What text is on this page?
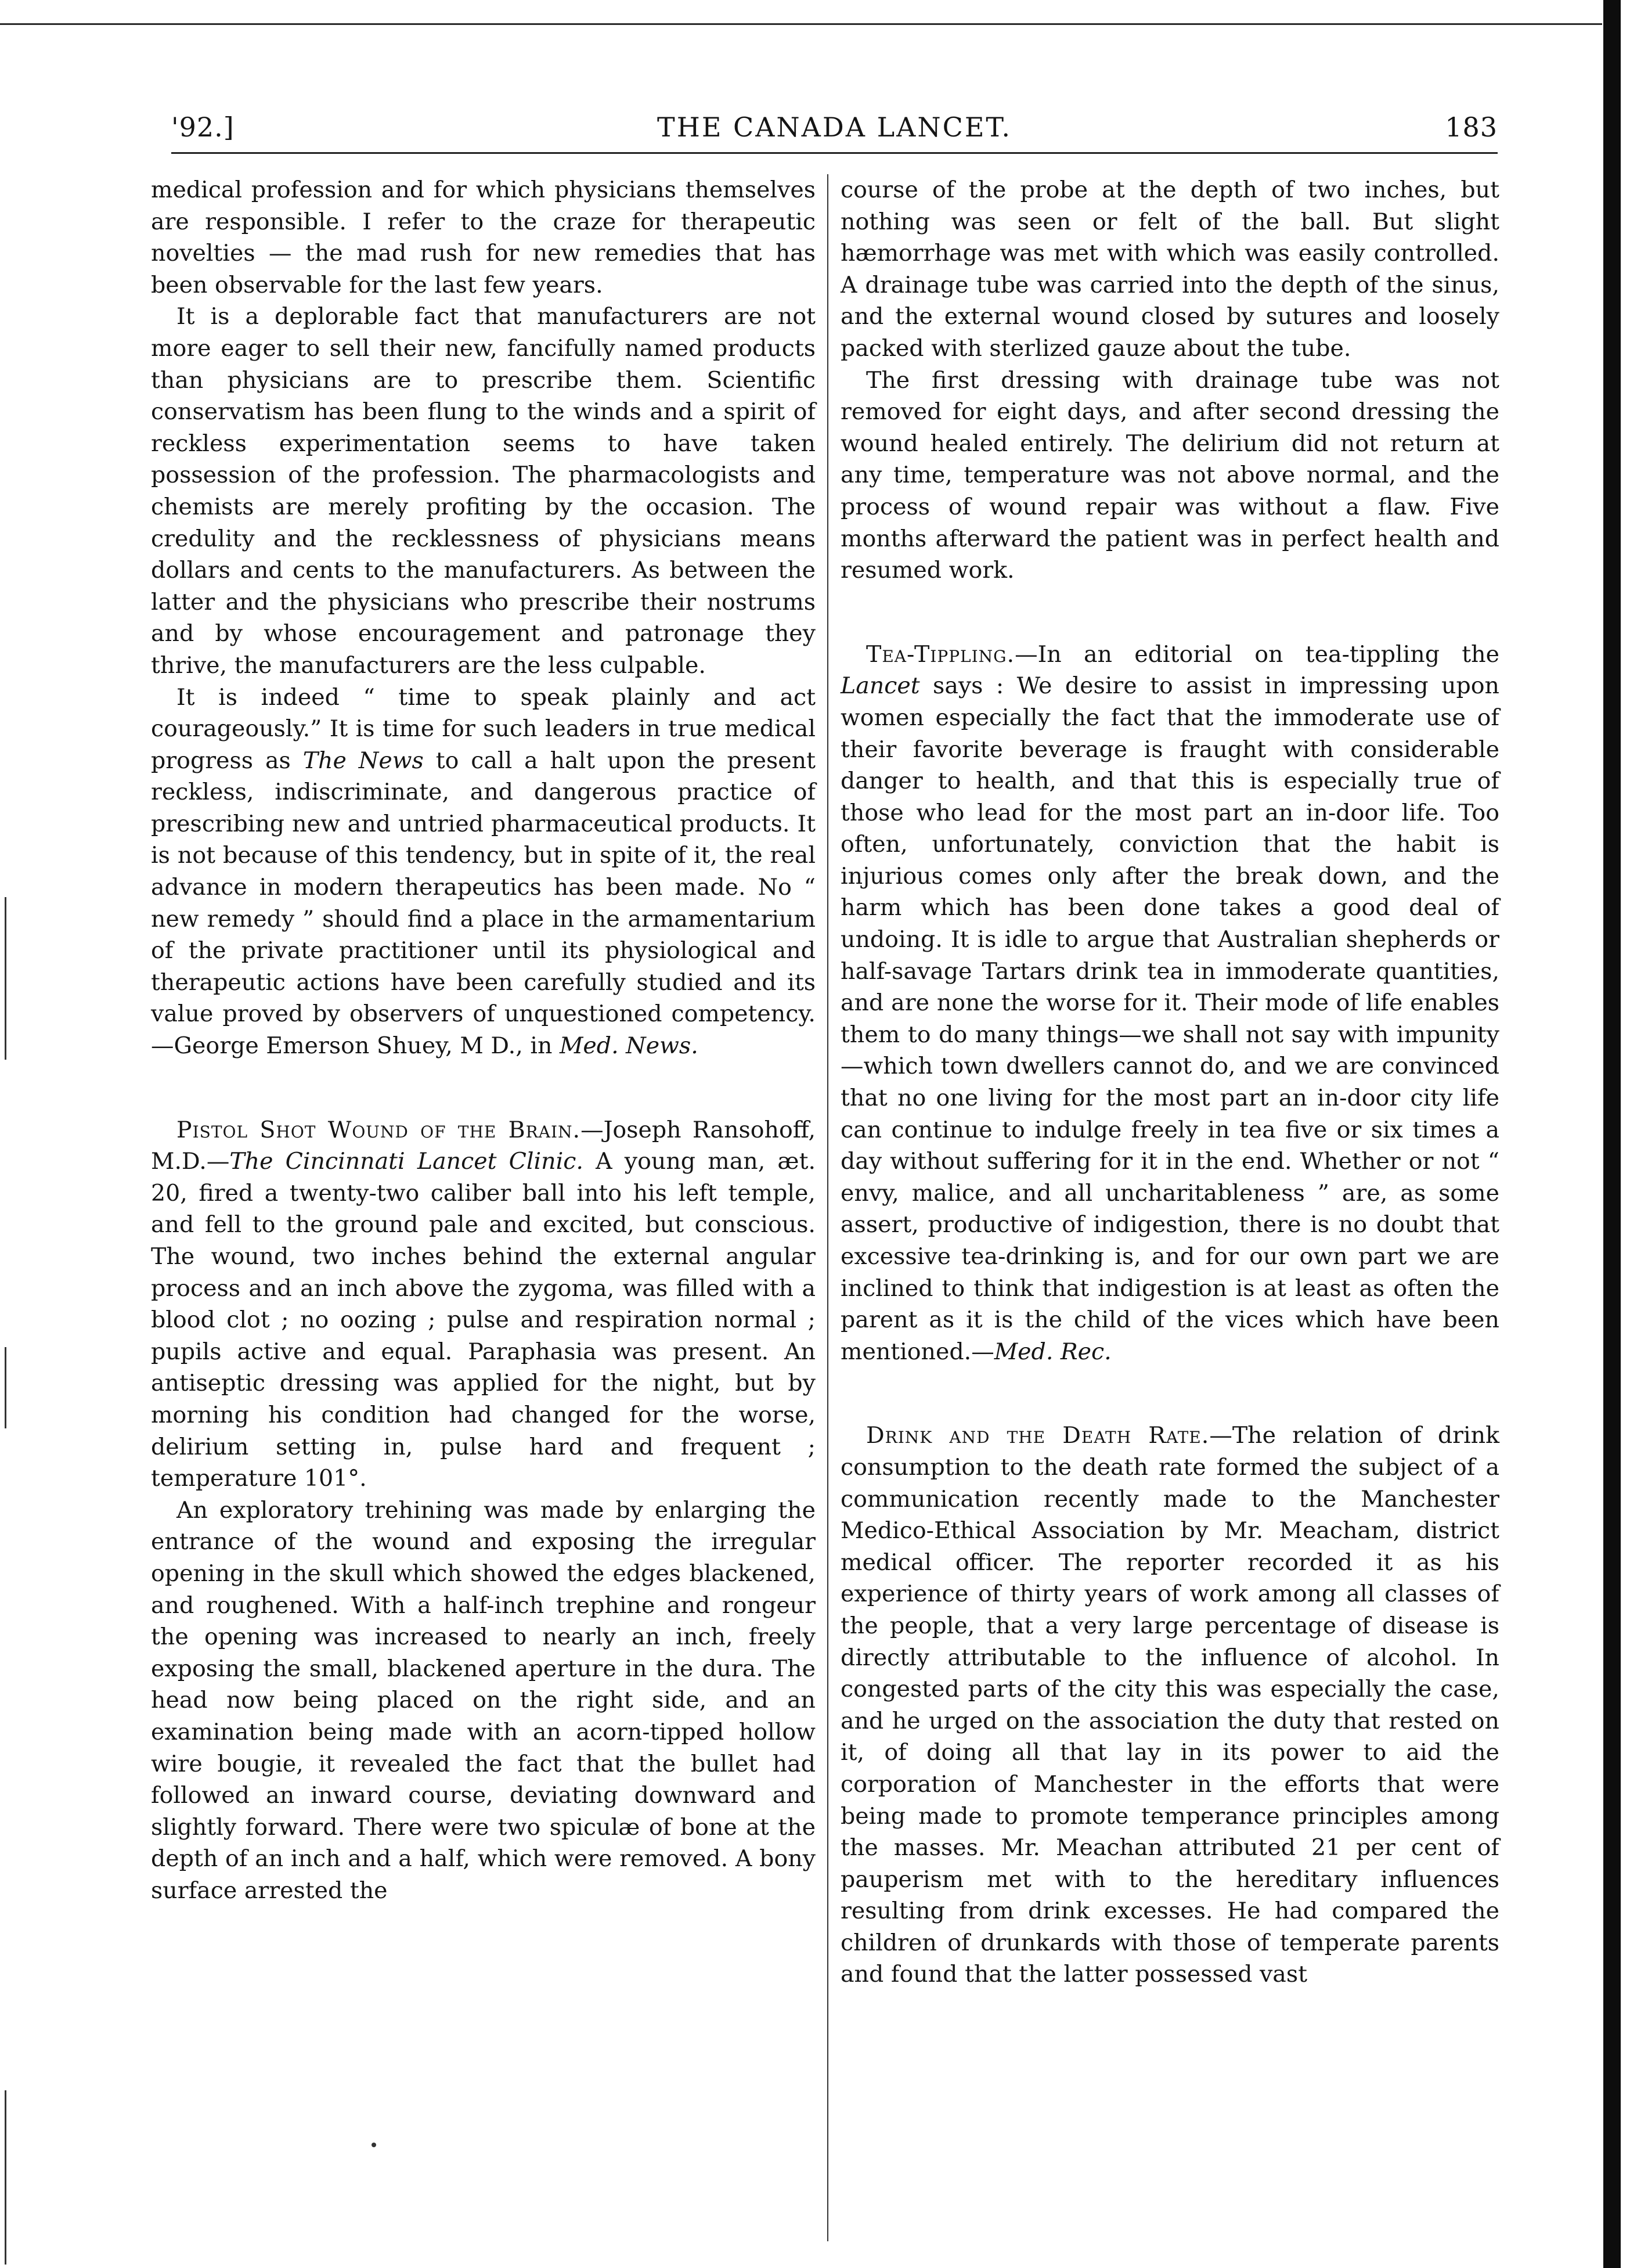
THE CANADA LANCET.
'92.]	183

medical profession and for which physicians themselves are responsible. I refer to the craze for therapeutic novelties — the mad rush for new remedies that has been observable for the last few years.

It is a deplorable fact that manufacturers are not more eager to sell their new, fancifully named products than physicians are to prescribe them. Scientific conservatism has been flung to the winds and a spirit of reckless experimentation seems to have taken possession of the profession. The pharmacologists and chemists are merely profiting by the occasion. The credulity and the recklessness of physicians means dollars and cents to the manufacturers. As between the latter and the physicians who prescribe their nostrums and by whose encouragement and patronage they thrive, the manufacturers are the less culpable.

It is indeed “ time to speak plainly and act courageously.” It is time for such leaders in true medical progress as The News to call a halt upon the present reckless, indiscriminate, and dangerous practice of prescribing new and untried pharmaceutical products. It is not because of this tendency, but in spite of it, the real advance in modern therapeutics has been made. No “ new remedy ” should find a place in the armamentarium of the private practitioner until its physiological and therapeutic actions have been carefully studied and its value proved by observers of unquestioned competency.—George Emerson Shuey, M D., in Med. News.

Pistol Shot Wound of the Brain.—Joseph Ransohoff, M.D.—The Cincinnati Lancet Clinic. A young man, æt. 20, fired a twenty-two caliber ball into his left temple, and fell to the ground pale and excited, but conscious. The wound, two inches behind the external angular process and an inch above the zygoma, was filled with a blood clot ; no oozing ; pulse and respiration normal ; pupils active and equal. Paraphasia was present. An antiseptic dressing was applied for the night, but by morning his condition had changed for the worse, delirium setting in, pulse hard and frequent ; temperature 101°.

An exploratory trehining was made by enlarging the entrance of the wound and exposing the irregular opening in the skull which showed the edges blackened, and roughened. With a half-inch trephine and rongeur the opening was increased to nearly an inch, freely exposing the small, blackened aperture in the dura. The head now being placed on the right side, and an examination being made with an acorn-tipped hollow wire bougie, it revealed the fact that the bullet had followed an inward course, deviating downward and slightly forward. There were two spiculæ of bone at the depth of an inch and a half, which were removed. A bony surface arrested the

course of the probe at the depth of two inches, but nothing was seen or felt of the ball. But slight hæmorrhage was met with which was easily controlled. A drainage tube was carried into the depth of the sinus, and the external wound closed by sutures and loosely packed with sterlized gauze about the tube.

The first dressing with drainage tube was not removed for eight days, and after second dressing the wound healed entirely. The delirium did not return at any time, temperature was not above normal, and the process of wound repair was without a flaw. Five months afterward the patient was in perfect health and resumed work.

Tea-Tippling.—In an editorial on tea-tippling the Lancet says : We desire to assist in impressing upon women especially the fact that the immoderate use of their favorite beverage is fraught with considerable danger to health, and that this is especially true of those who lead for the most part an in-door life. Too often, unfortunately, conviction that the habit is injurious comes only after the break down, and the harm which has been done takes a good deal of undoing. It is idle to argue that Australian shepherds or half-savage Tartars drink tea in immoderate quantities, and are none the worse for it. Their mode of life enables them to do many things—we shall not say with impunity —which town dwellers cannot do, and we are convinced that no one living for the most part an in-door city life can continue to indulge freely in tea five or six times a day without suffering for it in the end. Whether or not “ envy, malice, and all uncharitableness ” are, as some assert, productive of indigestion, there is no doubt that excessive tea-drinking is, and for our own part we are inclined to think that indigestion is at least as often the parent as it is the child of the vices which have been mentioned.—Med. Rec.

Drink and the Death Rate.—The relation of drink consumption to the death rate formed the subject of a communication recently made to the Manchester Medico-Ethical Association by Mr. Meacham, district medical officer. The reporter recorded it as his experience of thirty years of work among all classes of the people, that a very large percentage of disease is directly attributable to the influence of alcohol. In congested parts of the city this was especially the case, and he urged on the association the duty that rested on it, of doing all that lay in its power to aid the corporation of Manchester in the efforts that were being made to promote temperance principles among the masses. Mr. Meachan attributed 21 per cent of pauperism met with to the hereditary influences resulting from drink excesses. He had compared the children of drunkards with those of temperate parents and found that the latter possessed vast
